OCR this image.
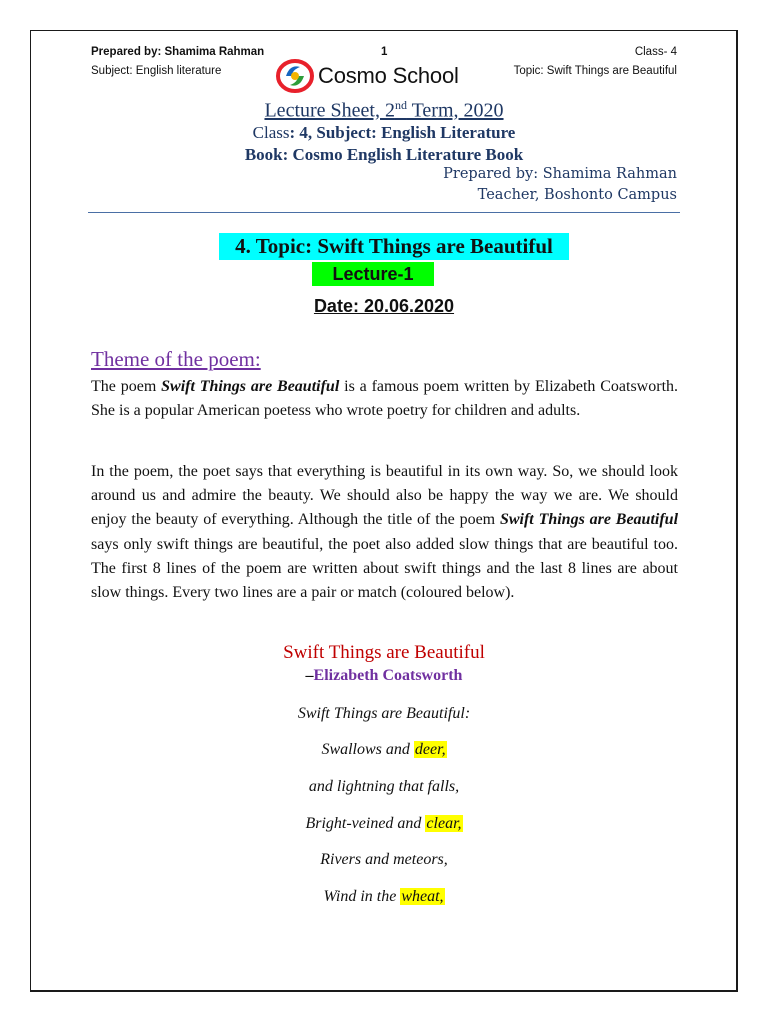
Prepared by: Shamima Rahman	1	Class- 4
Subject: English literature	Topic: Swift Things are Beautiful
Cosmo School
Lecture Sheet, 2nd Term, 2020
Class: 4, Subject: English Literature
Book: Cosmo English Literature Book
Prepared by: Shamima Rahman
Teacher, Boshonto Campus
4. Topic: Swift Things are Beautiful
Lecture-1
Date: 20.06.2020
Theme of the poem:

The poem Swift Things are Beautiful is a famous poem written by Elizabeth Coatsworth. She is a popular American poetess who wrote poetry for children and adults.

In the poem, the poet says that everything is beautiful in its own way. So, we should look around us and admire the beauty. We should also be happy the way we are. We should enjoy the beauty of everything. Although the title of the poem Swift Things are Beautiful says only swift things are beautiful, the poet also added slow things that are beautiful too. The first 8 lines of the poem are written about swift things and the last 8 lines are about slow things. Every two lines are a pair or match (coloured below).

Swift Things are Beautiful
–Elizabeth Coatsworth
Swift Things are Beautiful:
Swallows and deer,
and lightning that falls,
Bright-veined and clear,
Rivers and meteors,
Wind in the wheat,
